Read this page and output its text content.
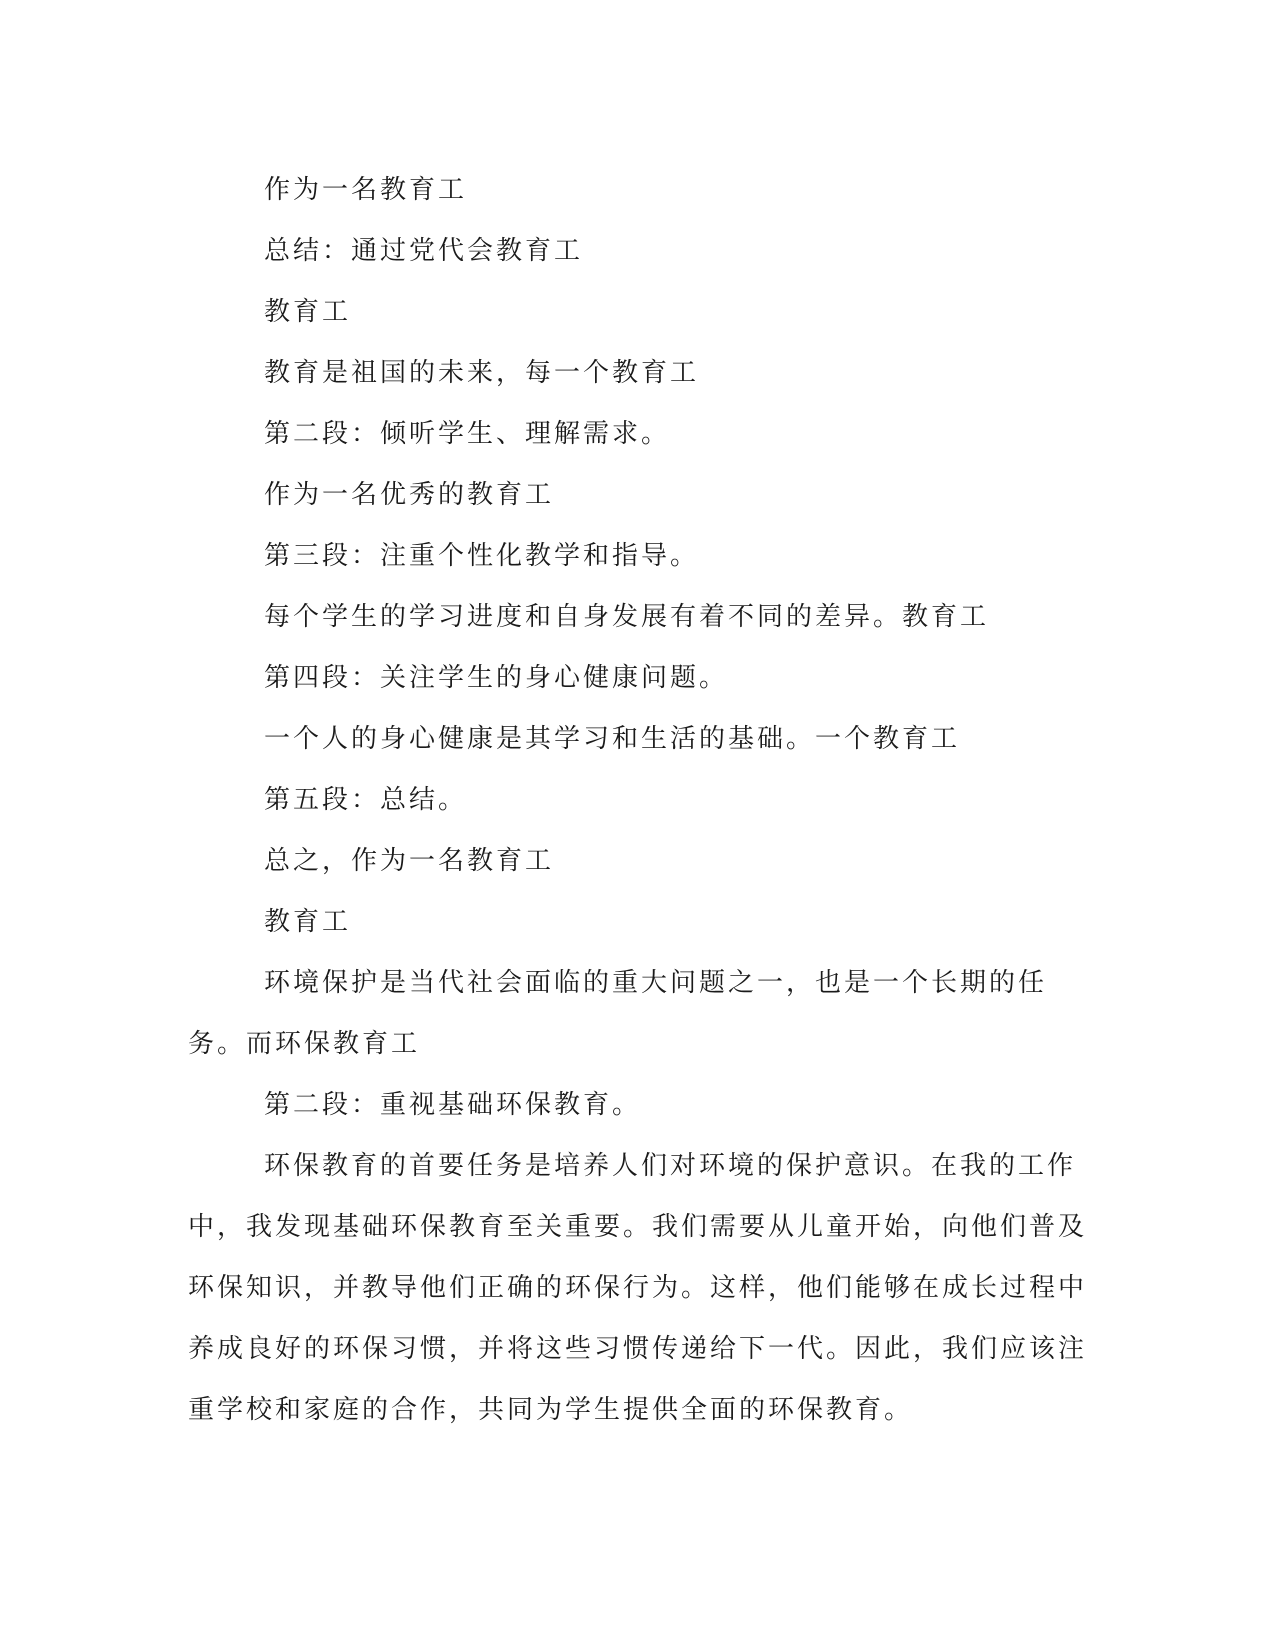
作为一名教育工

总结：通过党代会教育工

教育工

教育是祖国的未来，每一个教育工

第二段：倾听学生、理解需求。

作为一名优秀的教育工

第三段：注重个性化教学和指导。

每个学生的学习进度和自身发展有着不同的差异。教育工

第四段：关注学生的身心健康问题。

一个人的身心健康是其学习和生活的基础。一个教育工

第五段：总结。

总之，作为一名教育工

教育工

环境保护是当代社会面临的重大问题之一，也是一个长期的任务。而环保教育工

第二段：重视基础环保教育。

环保教育的首要任务是培养人们对环境的保护意识。在我的工作中，我发现基础环保教育至关重要。我们需要从儿童开始，向他们普及环保知识，并教导他们正确的环保行为。这样，他们能够在成长过程中养成良好的环保习惯，并将这些习惯传递给下一代。因此，我们应该注重学校和家庭的合作，共同为学生提供全面的环保教育。
